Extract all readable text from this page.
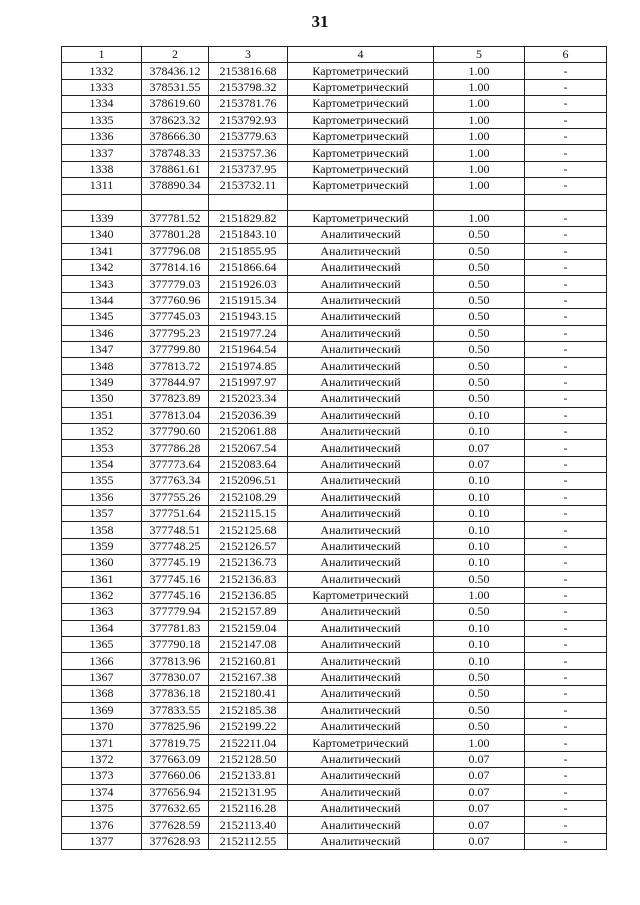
31
1	2	3	4	5	6
1332	378436.12	2153816.68	Картометрический	1.00	-
1333	378531.55	2153798.32	Картометрический	1.00	-
1334	378619.60	2153781.76	Картометрический	1.00	-
1335	378623.32	2153792.93	Картометрический	1.00	-
1336	378666.30	2153779.63	Картометрический	1.00	-
1337	378748.33	2153757.36	Картометрический	1.00	-
1338	378861.61	2153737.95	Картометрический	1.00	-
1311	378890.34	2153732.11	Картометрический	1.00	-

1339	377781.52	2151829.82	Картометрический	1.00	-
1340	377801.28	2151843.10	Аналитический	0.50	-
1341	377796.08	2151855.95	Аналитический	0.50	-
1342	377814.16	2151866.64	Аналитический	0.50	-
1343	377779.03	2151926.03	Аналитический	0.50	-
1344	377760.96	2151915.34	Аналитический	0.50	-
1345	377745.03	2151943.15	Аналитический	0.50	-
1346	377795.23	2151977.24	Аналитический	0.50	-
1347	377799.80	2151964.54	Аналитический	0.50	-
1348	377813.72	2151974.85	Аналитический	0.50	-
1349	377844.97	2151997.97	Аналитический	0.50	-
1350	377823.89	2152023.34	Аналитический	0.50	-
1351	377813.04	2152036.39	Аналитический	0.10	-
1352	377790.60	2152061.88	Аналитический	0.10	-
1353	377786.28	2152067.54	Аналитический	0.07	-
1354	377773.64	2152083.64	Аналитический	0.07	-
1355	377763.34	2152096.51	Аналитический	0.10	-
1356	377755.26	2152108.29	Аналитический	0.10	-
1357	377751.64	2152115.15	Аналитический	0.10	-
1358	377748.51	2152125.68	Аналитический	0.10	-
1359	377748.25	2152126.57	Аналитический	0.10	-
1360	377745.19	2152136.73	Аналитический	0.10	-
1361	377745.16	2152136.83	Аналитический	0.50	-
1362	377745.16	2152136.85	Картометрический	1.00	-
1363	377779.94	2152157.89	Аналитический	0.50	-
1364	377781.83	2152159.04	Аналитический	0.10	-
1365	377790.18	2152147.08	Аналитический	0.10	-
1366	377813.96	2152160.81	Аналитический	0.10	-
1367	377830.07	2152167.38	Аналитический	0.50	-
1368	377836.18	2152180.41	Аналитический	0.50	-
1369	377833.55	2152185.38	Аналитический	0.50	-
1370	377825.96	2152199.22	Аналитический	0.50	-
1371	377819.75	2152211.04	Картометрический	1.00	-
1372	377663.09	2152128.50	Аналитический	0.07	-
1373	377660.06	2152133.81	Аналитический	0.07	-
1374	377656.94	2152131.95	Аналитический	0.07	-
1375	377632.65	2152116.28	Аналитический	0.07	-
1376	377628.59	2152113.40	Аналитический	0.07	-
1377	377628.93	2152112.55	Аналитический	0.07	-
